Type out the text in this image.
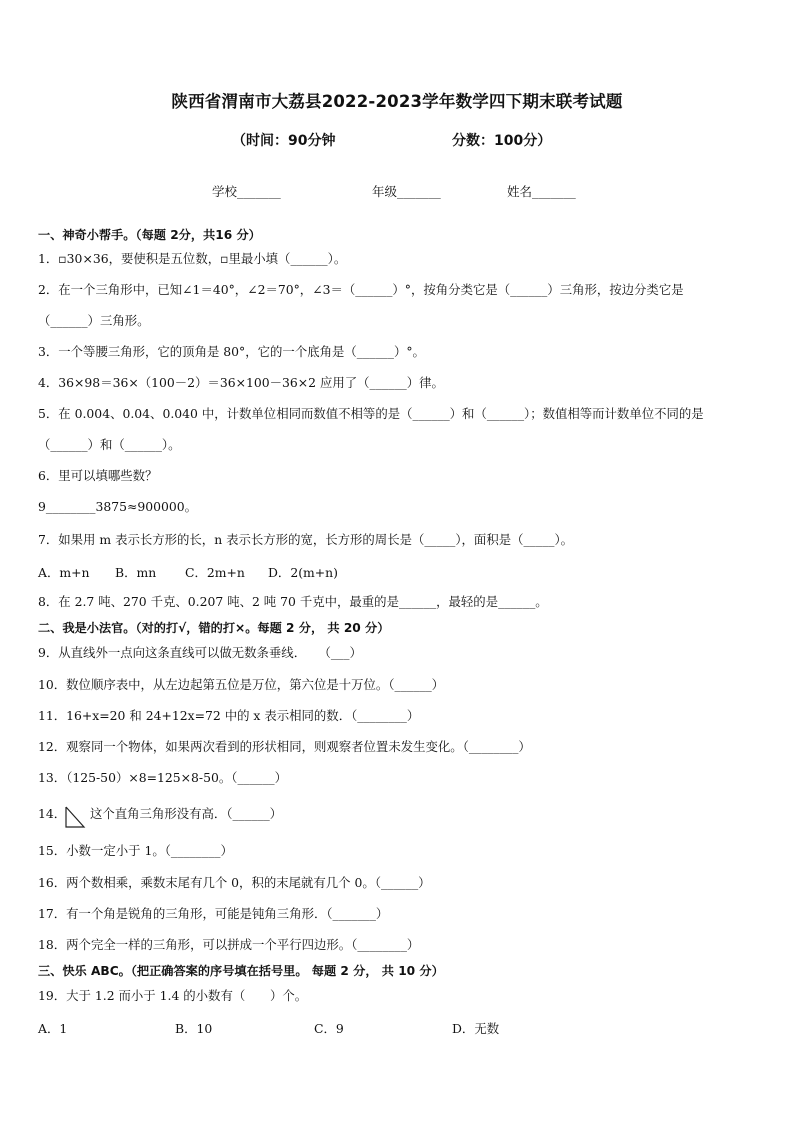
陕西省渭南市大荔县2022-2023学年数学四下期末联考试题
（时间：90分钟	分数：100分）
学校_______	年级_______	姓名_______
一、神奇小帮手。（每题 2分，共16 分）
1．▫30×36，要使积是五位数，▫里最小填（______）。
2．在一个三角形中，已知∠1＝40°，∠2＝70°，∠3＝（______）°，按角分类它是（______）三角形，按边分类它是
（______）三角形。
3．一个等腰三角形，它的顶角是 80°，它的一个底角是（______）°。
4．36×98＝36×（100－2）＝36×100－36×2 应用了（______）律。
5．在 0.004、0.04、0.040 中，计数单位相同而数值不相等的是（______）和（______）；数值相等而计数单位不同的是
（______）和（______）。
6．里可以填哪些数？
9________3875≈900000。
7．如果用 m 表示长方形的长，n 表示长方形的宽，长方形的周长是（_____），面积是（_____）。
A．m+n B．mn C．2m+n D．2(m+n)
8．在 2.7 吨、270 千克、0.207 吨、2 吨 70 千克中，最重的是______，最轻的是______。
二、我是小法官。（对的打√，错的打×。每题 2 分， 共 20 分）
9．从直线外一点向这条直线可以做无数条垂线．　　（___）
10．数位顺序表中，从左边起第五位是万位，第六位是十万位。（______）
11．16+x=20 和 24+12x=72 中的 x 表示相同的数．（________）
12．观察同一个物体，如果两次看到的形状相同，则观察者位置未发生变化。（________）
13．（125-50）×8=125×8-50。（______）
14． 这个直角三角形没有高．（______）
15．小数一定小于 1。（________）
16．两个数相乘，乘数末尾有几个 0，积的末尾就有几个 0。（______）
17．有一个角是锐角的三角形，可能是钝角三角形．（_______）
18．两个完全一样的三角形，可以拼成一个平行四边形。（________）
三、快乐 ABC。（把正确答案的序号填在括号里。 每题 2 分， 共 10 分）
19．大于 1.2 而小于 1.4 的小数有（　　）个。
A．1	B．10	C．9	D．无数
